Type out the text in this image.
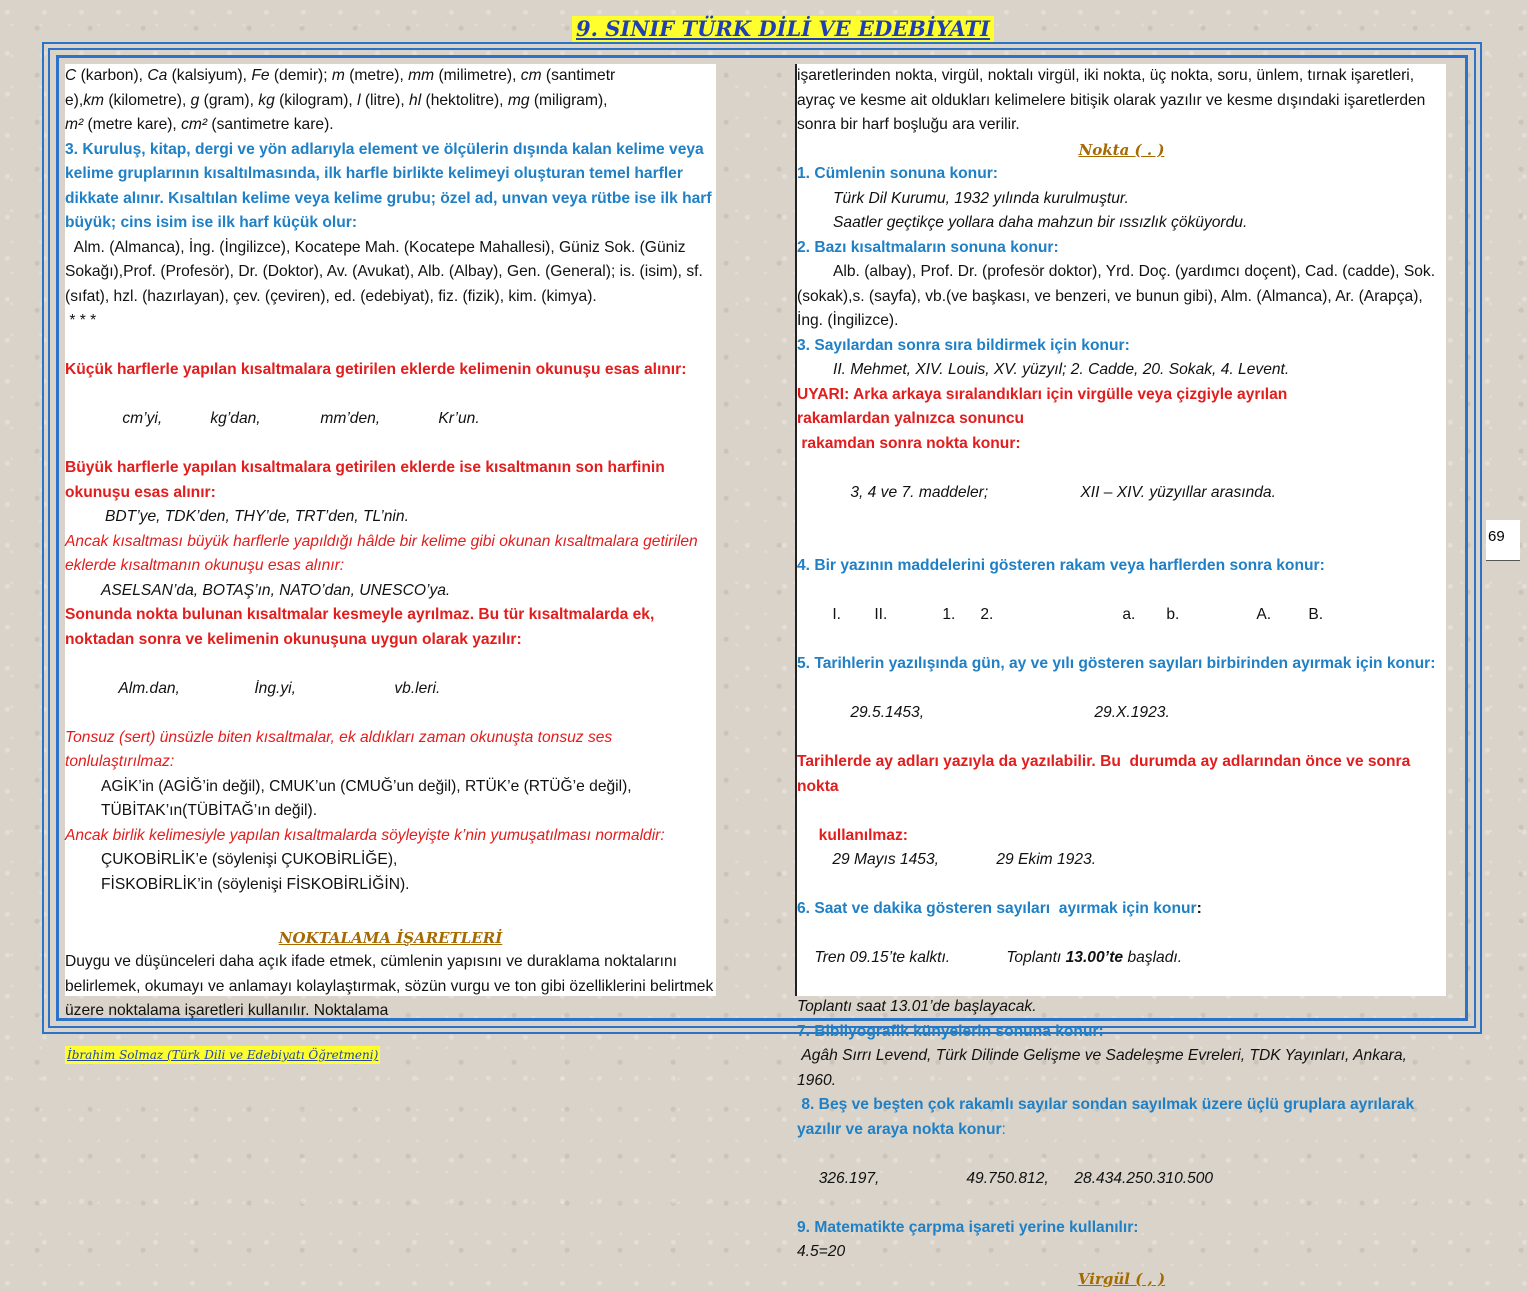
9. SINIF TÜRK DİLİ VE EDEBİYATI

C (karbon), Ca (kalsiyum), Fe (demir); m (metre), mm (milimetre), cm (santimetr

e),km (kilometre), g (gram), kg (kilogram), l (litre), hl (hektolitre), mg (miligram),

m² (metre kare), cm² (santimetre kare).

3. Kuruluş, kitap, dergi ve yön adlarıyla element ve ölçülerin dışında kalan kelime veya kelime gruplarının kısaltılmasında, ilk harfle birlikte kelimeyi oluşturan temel harfler dikkate alınır. Kısaltılan kelime veya kelime grubu; özel ad, unvan veya rütbe ise ilk harf büyük; cins isim ise ilk harf küçük olur:

Alm. (Almanca), İng. (İngilizce), Kocatepe Mah. (Kocatepe Mahallesi), Güniz Sok. (Güniz Sokağı),Prof. (Profesör), Dr. (Doktor), Av. (Avukat), Alb. (Albay), Gen. (General); is. (isim), sf. (sıfat), hzl. (hazırlayan), çev. (çeviren), ed. (edebiyat), fiz. (fizik), kim. (kimya).

* * *

Küçük harflerle yapılan kısaltmalara getirilen eklerde kelimenin okunuşu esas alınır:

cm’yi,	kg’dan,	mm’den,	Kr’un.

Büyük harflerle yapılan kısaltmalara getirilen eklerde ise kısaltmanın son harfinin okunuşu esas alınır:

BDT’ye, TDK’den, THY’de, TRT’den, TL’nin.

Ancak kısaltması büyük harflerle yapıldığı hâlde bir kelime gibi okunan kısaltmalara getirilen eklerde kısaltmanın okunuşu esas alınır:

ASELSAN’da, BOTAŞ’ın, NATO’dan, UNESCO’ya.

Sonunda nokta bulunan kısaltmalar kesmeyle ayrılmaz. Bu tür kısaltmalarda ek, noktadan sonra ve kelimenin okunuşuna uygun olarak yazılır:

Alm.dan,	İng.yi,	vb.leri.

Tonsuz (sert) ünsüzle biten kısaltmalar, ek aldıkları zaman okunuşta tonsuz ses tonlulaştırılmaz:

AGİK’in (AGİĞ’in değil), CMUK’un (CMUĞ’un değil), RTÜK’e (RTÜĞ’e değil), TÜBİTAK’ın(TÜBİTAĞ’ın değil).

Ancak birlik kelimesiyle yapılan kısaltmalarda söyleyişte k’nin yumuşatılması normaldir:

ÇUKOBİRLİK’e (söylenişi ÇUKOBİRLİĞE),

FİSKOBİRLİK’in (söylenişi FİSKOBİRLİĞİN).

NOKTALAMA İŞARETLERİ

Duygu ve düşünceleri daha açık ifade etmek, cümlenin yapısını ve duraklama noktalarını belirlemek, okumayı ve anlamayı kolaylaştırmak, sözün vurgu ve ton gibi özelliklerini belirtmek üzere noktalama işaretleri kullanılır. Noktalama

işaretlerinden nokta, virgül, noktalı virgül, iki nokta, üç nokta, soru, ünlem, tırnak işaretleri, ayraç ve kesme ait oldukları kelimelere bitişik olarak yazılır ve kesme dışındaki işaretlerden sonra bir harf boşluğu ara verilir.

Nokta ( . )

1. Cümlenin sonuna konur:

Türk Dil Kurumu, 1932 yılında kurulmuştur.

Saatler geçtikçe yollara daha mahzun bir ıssızlık çöküyordu.

2. Bazı kısaltmaların sonuna konur:

Alb. (albay), Prof. Dr. (profesör doktor), Yrd. Doç. (yardımcı doçent), Cad. (cadde), Sok. (sokak),s. (sayfa), vb.(ve başkası, ve benzeri, ve bunun gibi), Alm. (Almanca), Ar. (Arapça), İng. (İngilizce).

3. Sayılardan sonra sıra bildirmek için konur:

II. Mehmet, XIV. Louis, XV. yüzyıl; 2. Cadde, 20. Sokak, 4. Levent.

UYARI: Arka arkaya sıralandıkları için virgülle veya çizgiyle ayrılan rakamlardan yalnızca sonuncu

rakamdan sonra nokta konur:

3, 4 ve 7. maddeler;	XII – XIV. yüzyıllar arasında.

4. Bir yazının maddelerini gösteren rakam veya harflerden sonra konur:

I. II.	1. 2.	a. b.	A. B.

5. Tarihlerin yazılışında gün, ay ve yılı gösteren sayıları birbirinden ayırmak için konur:

29.5.1453,	29.X.1923.

Tarihlerde ay adları yazıyla da yazılabilir. Bu  durumda ay adlarından önce ve sonra nokta

kullanılmaz:
29 Mayıs 1453,	29 Ekim 1923.

6. Saat ve dakika gösteren sayıları  ayırmak için konur:

Tren 09.15’te kalktı.	Toplantı 13.00’te başladı.

Toplantı saat 13.01’de başlayacak.

7. Bibliyografik künyelerin sonuna konur:

Agâh Sırrı Levend, Türk Dilinde Gelişme ve Sadeleşme Evreleri, TDK Yayınları, Ankara, 1960.

8. Beş ve beşten çok rakamlı sayılar sondan sayılmak üzere üçlü gruplara ayrılarak yazılır ve araya nokta konur:

326.197,	49.750.812, 28.434.250.310.500

9. Matematikte çarpma işareti yerine kullanılır:

4.5=20

Virgül ( , )

69
İbrahim Solmaz (Türk Dili ve Edebiyatı Öğretmeni)
